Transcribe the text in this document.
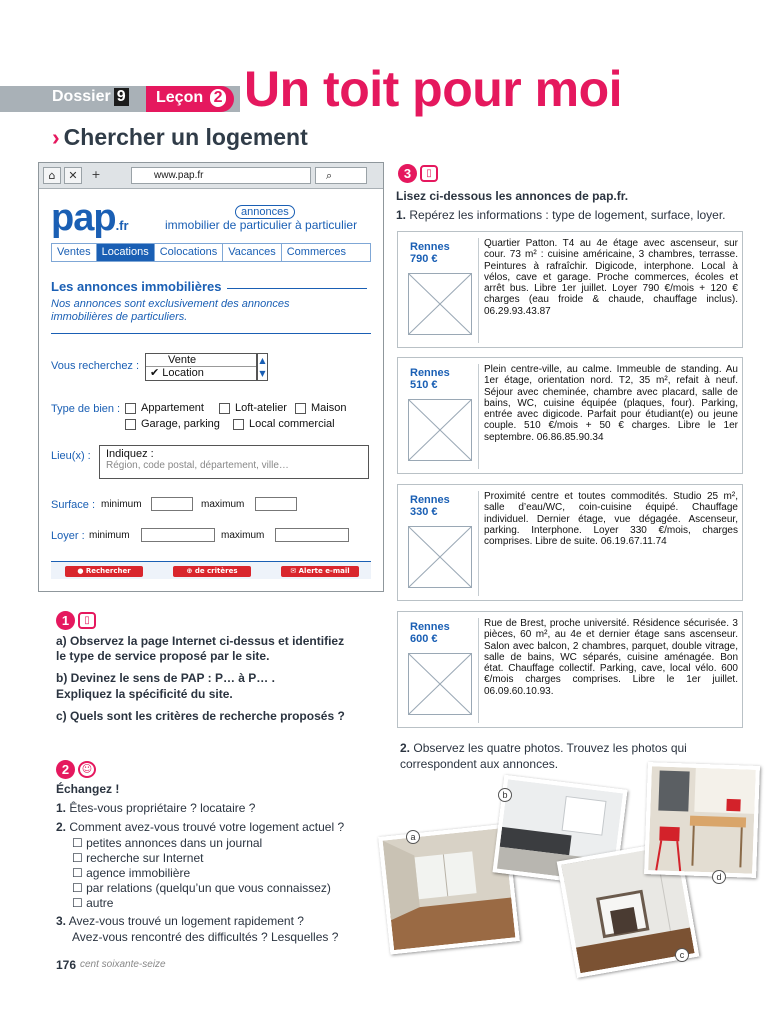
Dossier 9	Leçon 2 Un toit pour moi
› Chercher un logement
⌂	✕	+	www.pap.fr	⌕
pap.fr
annonces
immobilier de particulier à particulier
Ventes	Locations	Colocations	Vacances	Commerces
Les annonces immobilières
Nos annonces sont exclusivement des annonces immobilières de particuliers.
Vous recherchez :	Vente
✔ Location
▲
▼
Type de bien : Appartement	Loft-atelier Maison
Garage, parking	Local commercial
Lieu(x) : Indiquez :
Région, code postal, département, ville…
Surface : minimum	maximum
Loyer : minimum	maximum
● Rechercher	⊕ de critères	✉ Alerte e-mail
1	▯
a) Observez la page Internet ci-dessus et identifiez le type de service proposé par le site.
b) Devinez le sens de PAP : P… à P… .
Expliquez la spécificité du site.
c) Quels sont les critères de recherche proposés ?
2	☺
Échangez !
1. Êtes-vous propriétaire ? locataire ?
2. Comment avez-vous trouvé votre logement actuel ?
☐ petites annonces dans un journal
☐ recherche sur Internet
☐ agence immobilière
☐ par relations (quelqu’un que vous connaissez)
☐ autre
3. Avez-vous trouvé un logement rapidement ?
Avez-vous rencontré des difficultés ? Lesquelles ?
176 cent soixante-seize
3	▯
Lisez ci-dessous les annonces de pap.fr.
1. Repérez les informations : type de logement, surface, loyer.
Rennes
790 €
Quartier Patton. T4 au 4e étage avec ascenseur, sur cour. 73 m² : cuisine américaine, 3 chambres, terrasse. Peintures à rafraîchir. Digicode, interphone. Local à vélos, cave et garage. Proche commerces, écoles et arrêt bus. Libre 1er juillet. Loyer 790 €/mois + 120 € charges (eau froide & chaude, chauffage inclus). 06.29.93.43.87
Rennes
510 €
Plein centre-ville, au calme. Immeuble de standing. Au 1er étage, orientation nord. T2, 35 m², refait à neuf. Séjour avec cheminée, chambre avec placard, salle de bains, WC, cuisine équipée (plaques, four). Parking, entrée avec digicode. Parfait pour étudiant(e) ou jeune couple. 510 €/mois + 50 € charges. Libre le 1er septembre. 06.86.85.90.34
Rennes
330 €
Proximité centre et toutes commodités. Studio 25 m², salle d’eau/WC, coin-cuisine équipé. Chauffage individuel. Dernier étage, vue dégagée. Ascenseur, parking. Interphone. Loyer 330 €/mois, charges comprises. Libre de suite. 06.19.67.11.74
Rennes
600 €
Rue de Brest, proche université. Résidence sécurisée. 3 pièces, 60 m², au 4e et dernier étage sans ascenseur. Salon avec balcon, 2 chambres, parquet, double vitrage, salle de bains, WC séparés, cuisine aménagée. Bon état. Chauffage collectif. Parking, cave, local vélo. 600 €/mois charges comprises. Libre le 1er juillet. 06.09.60.10.93.
2. Observez les quatre photos. Trouvez les photos qui correspondent aux annonces.
a
b
c
d
